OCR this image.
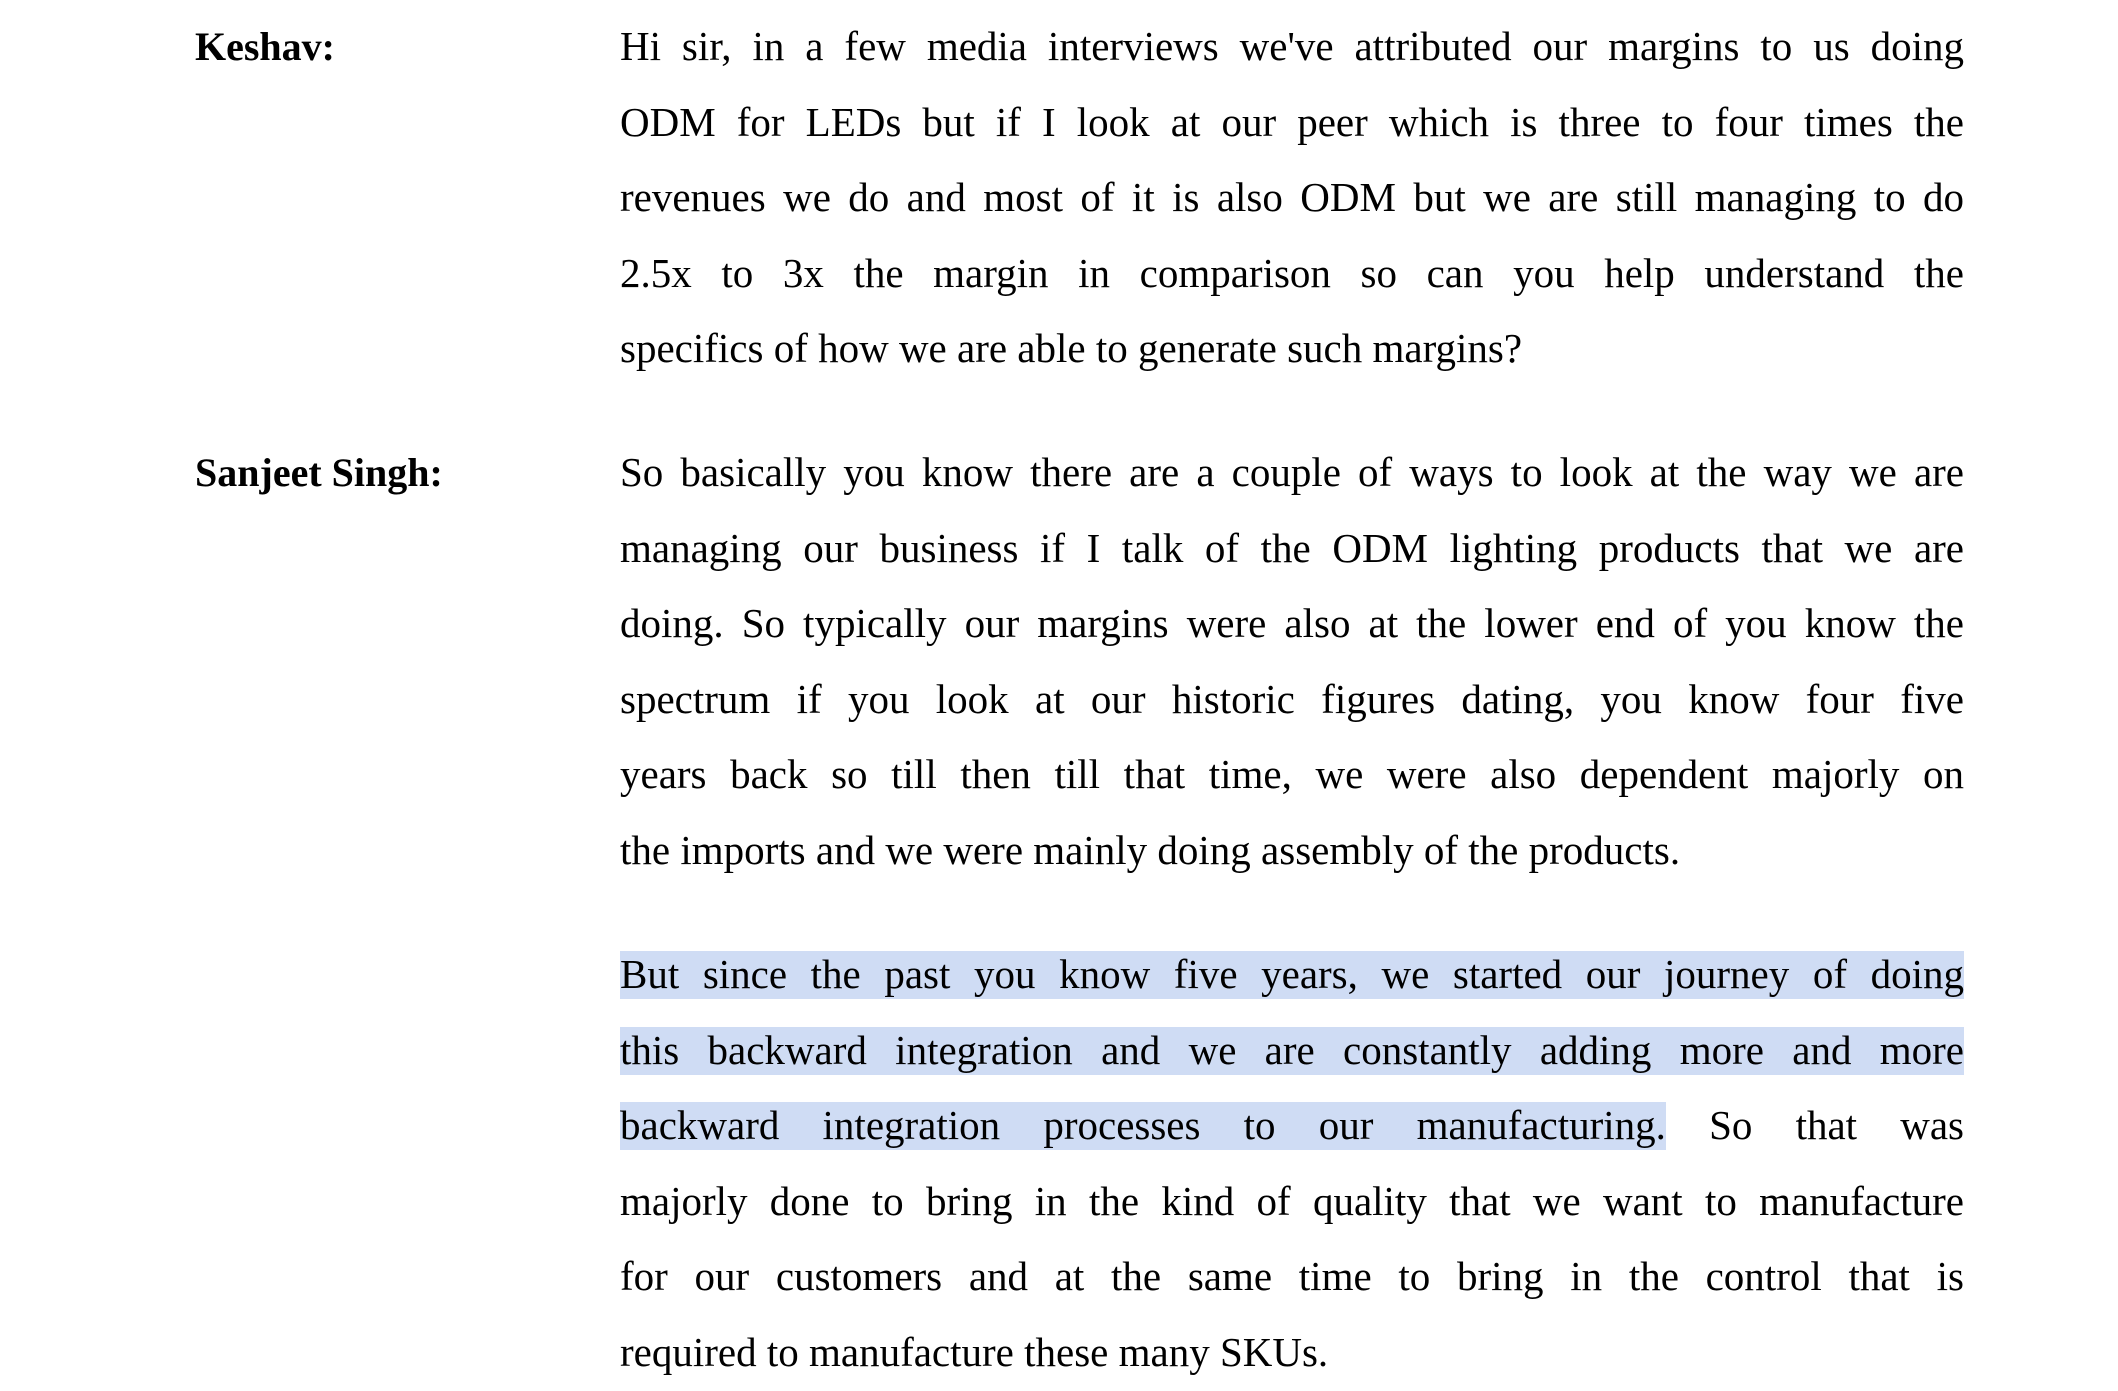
Keshav:	Hi sir, in a few media interviews we've attributed our margins to us doing
ODM for LEDs but if I look at our peer which is three to four times the
revenues we do and most of it is also ODM but we are still managing to do
2.5x to 3x the margin in comparison so can you help understand the
specifics of how we are able to generate such margins?
Sanjeet Singh:	So basically you know there are a couple of ways to look at the way we are
managing our business if I talk of the ODM lighting products that we are
doing. So typically our margins were also at the lower end of you know the
spectrum if you look at our historic figures dating, you know four five
years back so till then till that time, we were also dependent majorly on
the imports and we were mainly doing assembly of the products.
But since the past you know five years, we started our journey of doing
this backward integration and we are constantly adding more and more
backward integration processes to our manufacturing. So that was
majorly done to bring in the kind of quality that we want to manufacture
for our customers and at the same time to bring in the control that is
required to manufacture these many SKUs.
